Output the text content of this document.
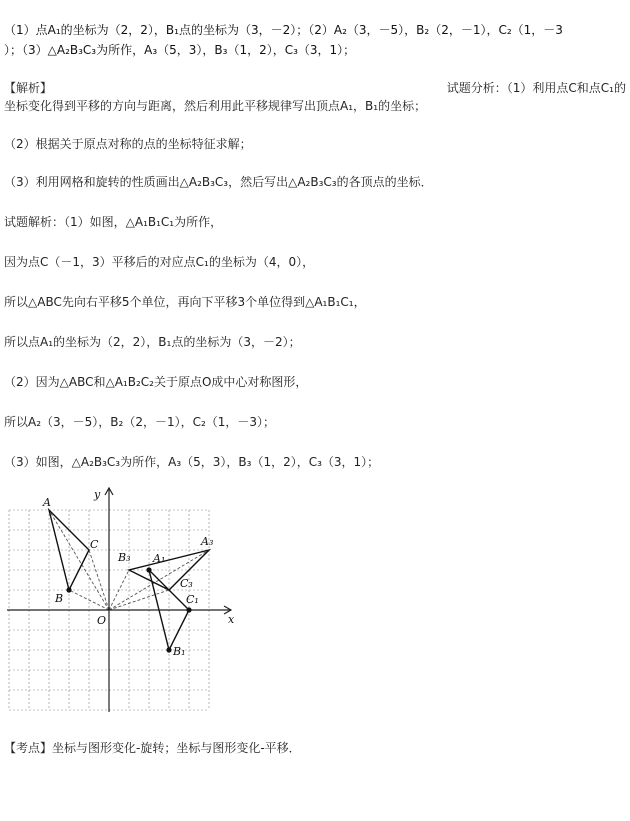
（1）点A₁的坐标为（2，2），B₁点的坐标为（3，－2）；（2）A₂（3，－5），B₂（2，－1），C₂（1，－3
）；（3）△A₂B₃C₃为所作，A₃（5，3），B₃（1，2），C₃（3，1）；
【解析】	试题分析：（1）利用点C和点C₁的
坐标变化得到平移的方向与距离，然后利用此平移规律写出顶点A₁，B₁的坐标；
（2）根据关于原点对称的点的坐标特征求解；
（3）利用网格和旋转的性质画出△A₂B₃C₃，然后写出△A₂B₃C₃的各顶点的坐标．
试题解析：（1）如图，△A₁B₁C₁为所作，
因为点C（－1，3）平移后的对应点C₁的坐标为（4，0），
所以△ABC先向右平移5个单位，再向下平移3个单位得到△A₁B₁C₁，
所以点A₁的坐标为（2，2），B₁点的坐标为（3，－2）；
（2）因为△ABC和△A₁B₂C₂关于原点O成中心对称图形，
所以A₂（3，－5），B₂（2，－1），C₂（1，－3）；
（3）如图，△A₂B₃C₃为所作，A₃（5，3），B₃（1，2），C₃（3，1）；
y
x
O
A
B
C	A₃
B₃
C₃
A₁
B₁
C₁
【考点】坐标与图形变化-旋转；坐标与图形变化-平移．
